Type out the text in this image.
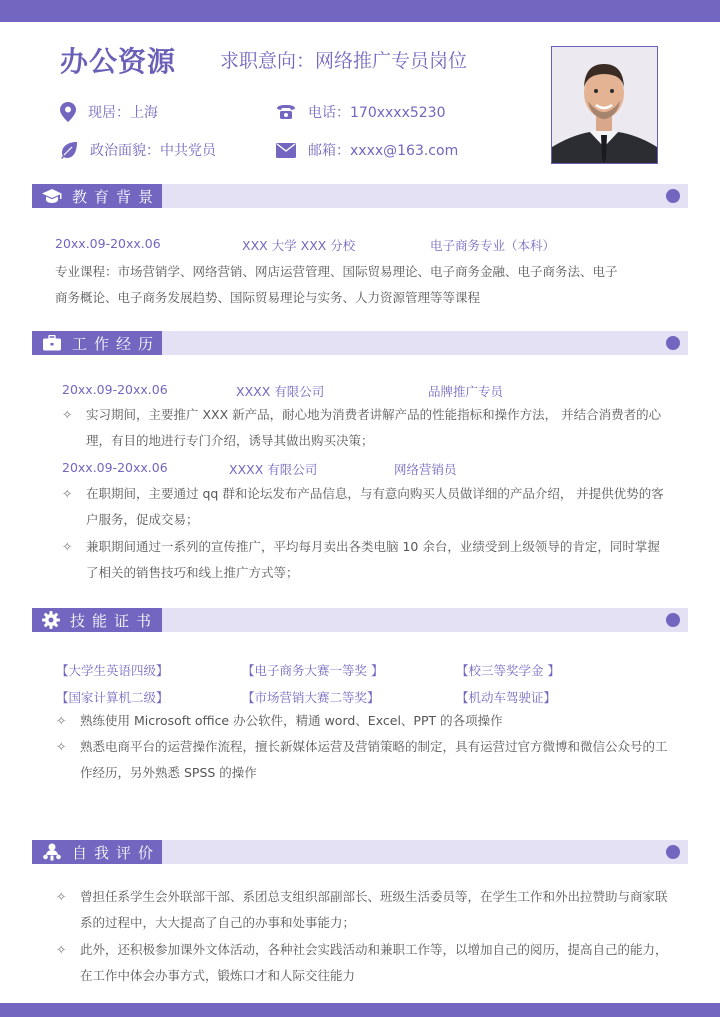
办公资源 求职意向：网络推广专员岗位
现居：上海	电话：170xxxx5230
政治面貌：中共党员	邮箱：xxxx@163.com
教育背景
20xx.09-20xx.06	XXX 大学 XXX 分校	电子商务专业（本科）
专业课程：市场营销学、网络营销、网店运营管理、国际贸易理论、电子商务金融、电子商务法、电子
商务概论、电子商务发展趋势、国际贸易理论与实务、人力资源管理等等课程
工作经历
20xx.09-20xx.06	XXXX 有限公司	品牌推广专员
✧ 实习期间，主要推广 XXX 新产品，耐心地为消费者讲解产品的性能指标和操作方法， 并结合消费者的心理，有目的地进行专门介绍，诱导其做出购买决策；
20xx.09-20xx.06	XXXX 有限公司	网络营销员
✧ 在职期间，主要通过 qq 群和论坛发布产品信息，与有意向购买人员做详细的产品介绍， 并提供优势的客户服务，促成交易；
✧ 兼职期间通过一系列的宣传推广，平均每月卖出各类电脑 10 余台，业绩受到上级领导的肯定，同时掌握了相关的销售技巧和线上推广方式等；
技能证书
【大学生英语四级】	【电子商务大赛一等奖 】	【校三等奖学金 】
【国家计算机二级】	【市场营销大赛二等奖】	【机动车驾驶证】
✧ 熟练使用 Microsoft office 办公软件，精通 word、Excel、PPT 的各项操作
✧ 熟悉电商平台的运营操作流程，擅长新媒体运营及营销策略的制定，具有运营过官方微博和微信公众号的工作经历，另外熟悉 SPSS 的操作
自我评价
✧ 曾担任系学生会外联部干部、系团总支组织部副部长、班级生活委员等，在学生工作和外出拉赞助与商家联系的过程中，大大提高了自己的办事和处事能力；
✧ 此外，还积极参加课外文体活动，各种社会实践活动和兼职工作等，以增加自己的阅历，提高自己的能力，在工作中体会办事方式，锻炼口才和人际交往能力
